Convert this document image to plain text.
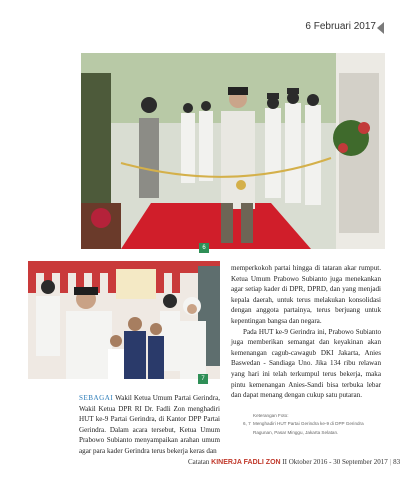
6 Februari 2017
6
7

memperkokoh partai hingga di tataran akar rumput. Ketua Umum Prabowo Subianto juga menekankan agar setiap kader di DPR, DPRD, dan yang menjadi kepala daerah, untuk terus melakukan konsolidasi dengan anggota partainya, terus berjuang untuk kepentingan bangsa dan negara.

Pada HUT ke-9 Gerindra ini, Prabowo Subianto juga memberikan semangat dan keyakinan akan kemenangan cagub-cawagub DKI Jakarta, Anies Baswedan - Sandiaga Uno. Jika 134 ribu relawan yang hari ini telah terkumpul terus bekerja, maka pintu kemenangan Anies-Sandi bisa terbuka lebar dan dapat menang dengan cukup satu putaran.

SEBAGAI Wakil Ketua Umum Partai Gerindra, Wakil Ketua DPR RI Dr. Fadli Zon menghadiri HUT ke-9 Partai Gerindra, di Kantor DPP Partai Gerindra. Dalam acara tersebut, Ketua Umum Prabowo Subianto menyampaikan arahan umum agar para kader Gerindra terus bekerja keras dan
Keterangan Foto:
6, 7 Menghadiri HUT Partai Gerindra ke-9 di DPP Gerindra Ragunan, Pasar Minggu, Jakarta Selatan.
Catatan KINERJA FADLI ZON II Oktober 2016 - 30 September 2017 | 83
